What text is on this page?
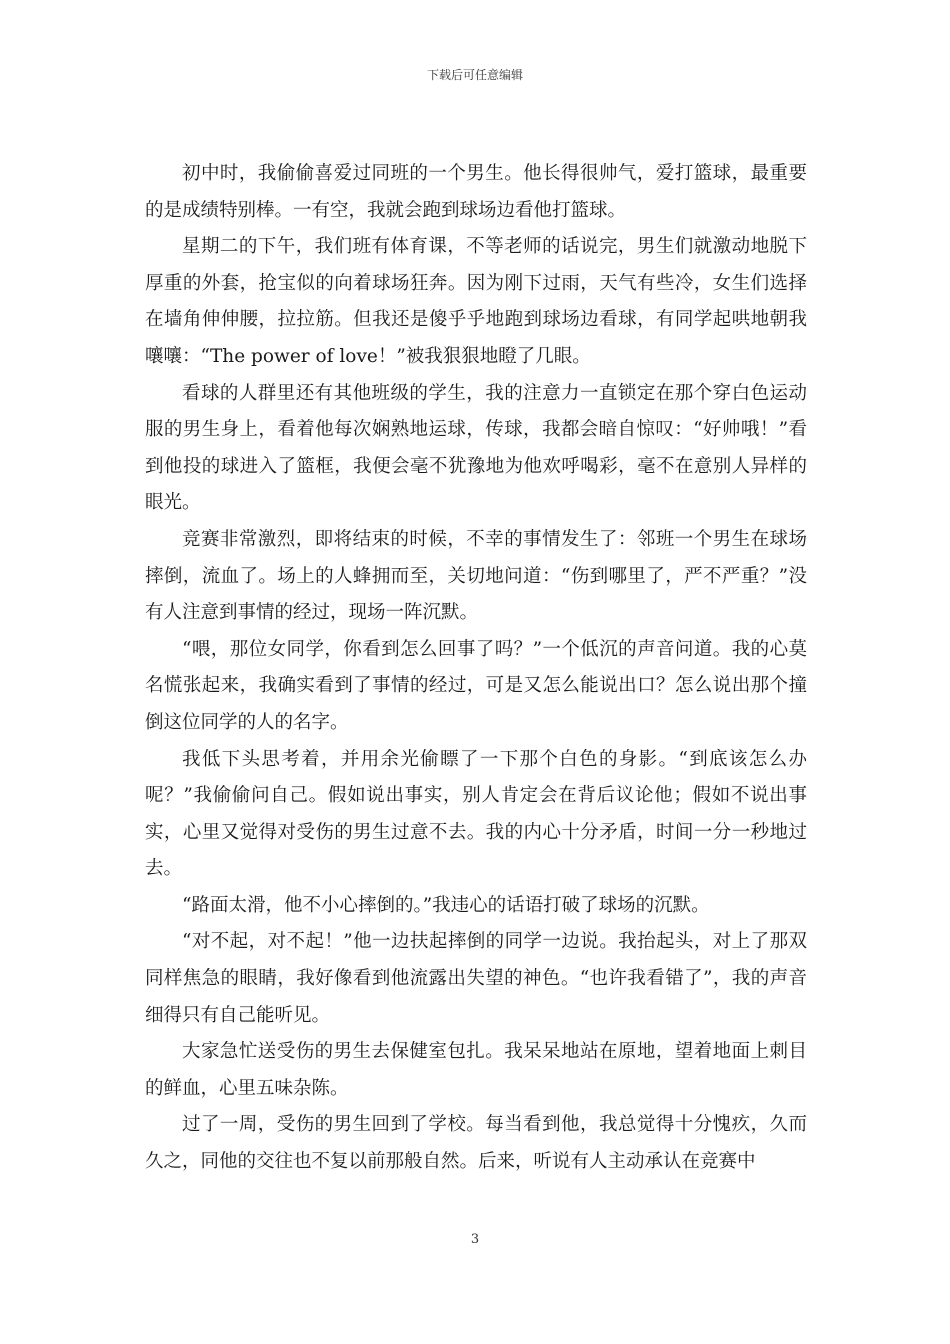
下载后可任意编辑

初中时，我偷偷喜爱过同班的一个男生。他长得很帅气，爱打篮球，最重要的是成绩特别棒。一有空，我就会跑到球场边看他打篮球。

星期二的下午，我们班有体育课，不等老师的话说完，男生们就激动地脱下厚重的外套，抢宝似的向着球场狂奔。因为刚下过雨，天气有些冷，女生们选择在墙角伸伸腰，拉拉筋。但我还是傻乎乎地跑到球场边看球，有同学起哄地朝我嚷嚷：“The power of love！”被我狠狠地瞪了几眼。

看球的人群里还有其他班级的学生，我的注意力一直锁定在那个穿白色运动服的男生身上，看着他每次娴熟地运球，传球，我都会暗自惊叹：“好帅哦！”看到他投的球进入了篮框，我便会毫不犹豫地为他欢呼喝彩，毫不在意别人异样的眼光。

竞赛非常激烈，即将结束的时候，不幸的事情发生了：邻班一个男生在球场摔倒，流血了。场上的人蜂拥而至，关切地问道：“伤到哪里了，严不严重？”没有人注意到事情的经过，现场一阵沉默。

“喂，那位女同学，你看到怎么回事了吗？”一个低沉的声音问道。我的心莫名慌张起来，我确实看到了事情的经过，可是又怎么能说出口？怎么说出那个撞倒这位同学的人的名字。

我低下头思考着，并用余光偷瞟了一下那个白色的身影。“到底该怎么办呢？”我偷偷问自己。假如说出事实，别人肯定会在背后议论他；假如不说出事实，心里又觉得对受伤的男生过意不去。我的内心十分矛盾，时间一分一秒地过去。

“路面太滑，他不小心摔倒的。”我违心的话语打破了球场的沉默。

“对不起，对不起！”他一边扶起摔倒的同学一边说。我抬起头，对上了那双同样焦急的眼睛，我好像看到他流露出失望的神色。“也许我看错了”，我的声音细得只有自己能听见。

大家急忙送受伤的男生去保健室包扎。我呆呆地站在原地，望着地面上刺目的鲜血，心里五味杂陈。

过了一周，受伤的男生回到了学校。每当看到他，我总觉得十分愧疚，久而久之，同他的交往也不复以前那般自然。后来，听说有人主动承认在竞赛中

3
